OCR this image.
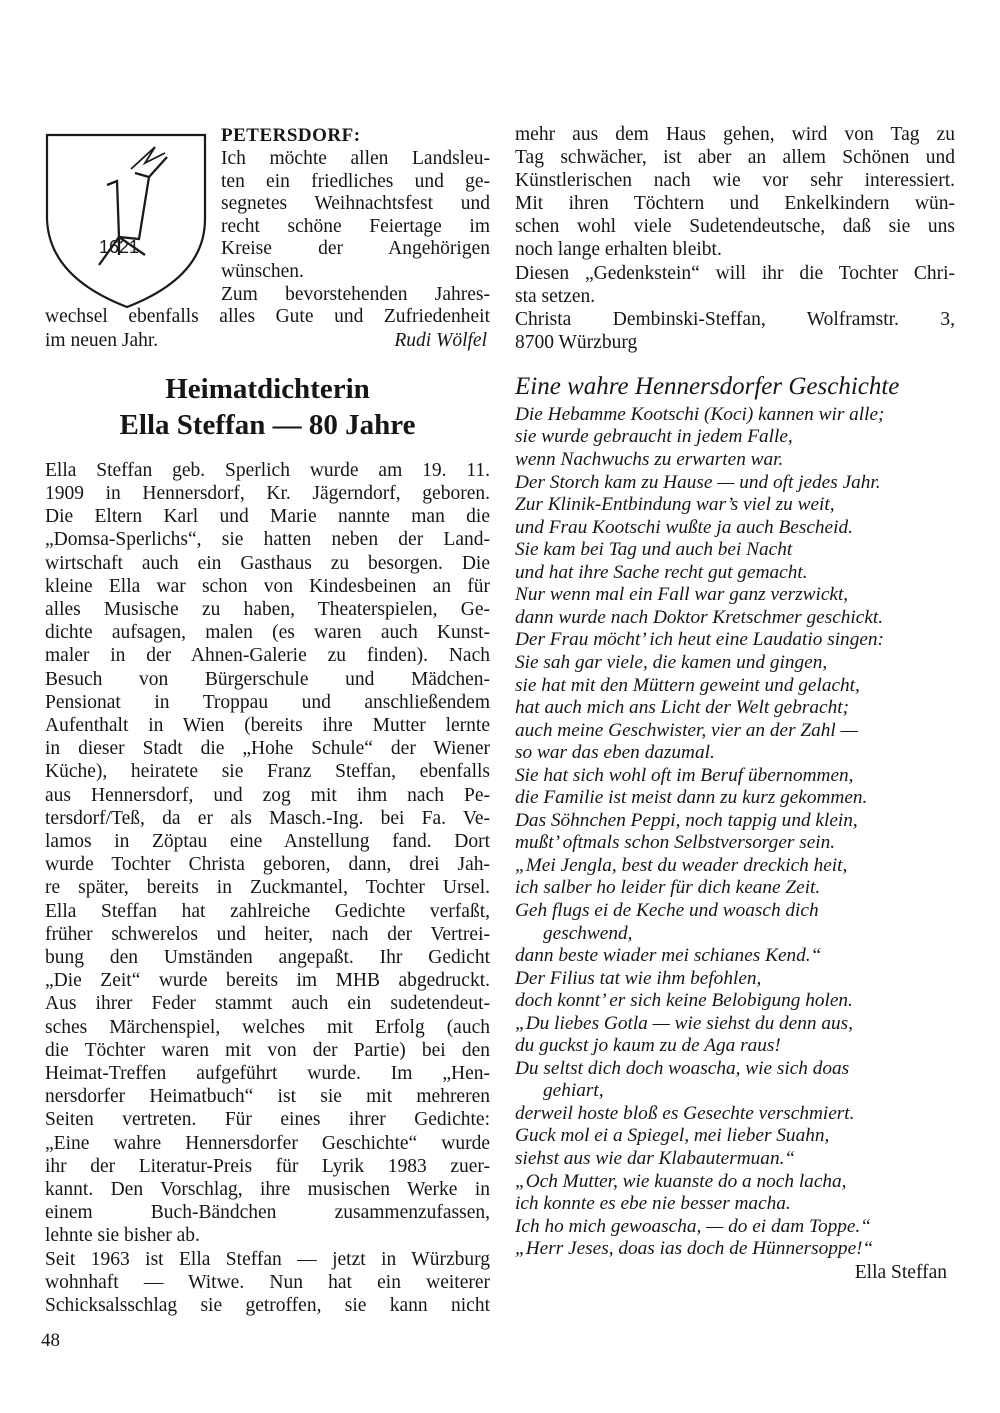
1621
PETERSDORF:
Ich möchte allen Landsleu-
ten ein friedliches und ge-
segnetes Weihnachtsfest und
recht schöne Feiertage im
Kreise der Angehörigen
wünschen.
Zum bevorstehenden Jahres-
wechsel ebenfalls alles Gute und Zufriedenheit
im neuen Jahr.	Rudi Wölfel
Heimatdichterin
Ella Steffan — 80 Jahre
Ella Steffan geb. Sperlich wurde am 19. 11.
1909 in Hennersdorf, Kr. Jägerndorf, geboren.
Die Eltern Karl und Marie nannte man die
„Domsa-Sperlichs“, sie hatten neben der Land-
wirtschaft auch ein Gasthaus zu besorgen. Die
kleine Ella war schon von Kindesbeinen an für
alles Musische zu haben, Theaterspielen, Ge-
dichte aufsagen, malen (es waren auch Kunst-
maler in der Ahnen-Galerie zu finden). Nach
Besuch von Bürgerschule und Mädchen-
Pensionat in Troppau und anschließendem
Aufenthalt in Wien (bereits ihre Mutter lernte
in dieser Stadt die „Hohe Schule“ der Wiener
Küche), heiratete sie Franz Steffan, ebenfalls
aus Hennersdorf, und zog mit ihm nach Pe-
tersdorf/Teß, da er als Masch.-Ing. bei Fa. Ve-
lamos in Zöptau eine Anstellung fand. Dort
wurde Tochter Christa geboren, dann, drei Jah-
re später, bereits in Zuckmantel, Tochter Ursel.
Ella Steffan hat zahlreiche Gedichte verfaßt,
früher schwerelos und heiter, nach der Vertrei-
bung den Umständen angepaßt. Ihr Gedicht
„Die Zeit“ wurde bereits im MHB abgedruckt.
Aus ihrer Feder stammt auch ein sudetendeut-
sches Märchenspiel, welches mit Erfolg (auch
die Töchter waren mit von der Partie) bei den
Heimat-Treffen aufgeführt wurde. Im „Hen-
nersdorfer Heimatbuch“ ist sie mit mehreren
Seiten vertreten. Für eines ihrer Gedichte:
„Eine wahre Hennersdorfer Geschichte“ wurde
ihr der Literatur-Preis für Lyrik 1983 zuer-
kannt. Den Vorschlag, ihre musischen Werke in
einem Buch-Bändchen zusammenzufassen,
lehnte sie bisher ab.
Seit 1963 ist Ella Steffan — jetzt in Würzburg
wohnhaft — Witwe. Nun hat ein weiterer
Schicksalsschlag sie getroffen, sie kann nicht
mehr aus dem Haus gehen, wird von Tag zu
Tag schwächer, ist aber an allem Schönen und
Künstlerischen nach wie vor sehr interessiert.
Mit ihren Töchtern und Enkelkindern wün-
schen wohl viele Sudetendeutsche, daß sie uns
noch lange erhalten bleibt.
Diesen „Gedenkstein“ will ihr die Tochter Chri-
sta setzen.
Christa Dembinski-Steffan, Wolframstr. 3,
8700 Würzburg
Eine wahre Hennersdorfer Geschichte
Die Hebamme Kootschi (Koci) kannen wir alle;
sie wurde gebraucht in jedem Falle,
wenn Nachwuchs zu erwarten war.
Der Storch kam zu Hause — und oft jedes Jahr.
Zur Klinik-Entbindung war’s viel zu weit,
und Frau Kootschi wußte ja auch Bescheid.
Sie kam bei Tag und auch bei Nacht
und hat ihre Sache recht gut gemacht.
Nur wenn mal ein Fall war ganz verzwickt,
dann wurde nach Doktor Kretschmer geschickt.
Der Frau möcht’ ich heut eine Laudatio singen:
Sie sah gar viele, die kamen und gingen,
sie hat mit den Müttern geweint und gelacht,
hat auch mich ans Licht der Welt gebracht;
auch meine Geschwister, vier an der Zahl —
so war das eben dazumal.
Sie hat sich wohl oft im Beruf übernommen,
die Familie ist meist dann zu kurz gekommen.
Das Söhnchen Peppi, noch tappig und klein,
mußt’ oftmals schon Selbstversorger sein.
„Mei Jengla, best du weader dreckich heit,
ich salber ho leider für dich keane Zeit.
Geh flugs ei de Keche und woasch dich
geschwend,
dann beste wiader mei schianes Kend.“
Der Filius tat wie ihm befohlen,
doch konnt’ er sich keine Belobigung holen.
„Du liebes Gotla — wie siehst du denn aus,
du guckst jo kaum zu de Aga raus!
Du seltst dich doch woascha, wie sich doas
gehiart,
derweil hoste bloß es Gesechte verschmiert.
Guck mol ei a Spiegel, mei lieber Suahn,
siehst aus wie dar Klabautermuan.“
„Och Mutter, wie kuanste do a noch lacha,
ich konnte es ebe nie besser macha.
Ich ho mich gewoascha, — do ei dam Toppe.“
„Herr Jeses, doas ias doch de Hünnersoppe!“
Ella Steffan
48
